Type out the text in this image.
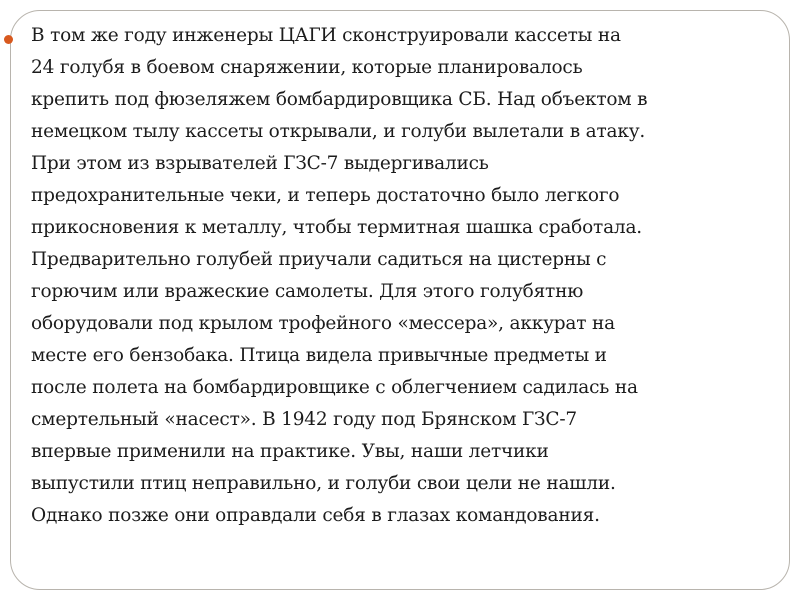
В том же году инженеры ЦАГИ сконструировали кассеты на
24 голубя в боевом снаряжении, которые планировалось
крепить под фюзеляжем бомбардировщика СБ. Над объектом в
немецком тылу кассеты открывали, и голуби вылетали в атаку.
При этом из взрывателей ГЗС-7 выдергивались
предохранительные чеки, и теперь достаточно было легкого
прикосновения к металлу, чтобы термитная шашка сработала.
Предварительно голубей приучали садиться на цистерны с
горючим или вражеские самолеты. Для этого голубятню
оборудовали под крылом трофейного «мессера», аккурат на
месте его бензобака. Птица видела привычные предметы и
после полета на бомбардировщике с облегчением садилась на
смертельный «насест». В 1942 году под Брянском ГЗС-7
впервые применили на практике. Увы, наши летчики
выпустили птиц неправильно, и голуби свои цели не нашли.
Однако позже они оправдали себя в глазах командования.
